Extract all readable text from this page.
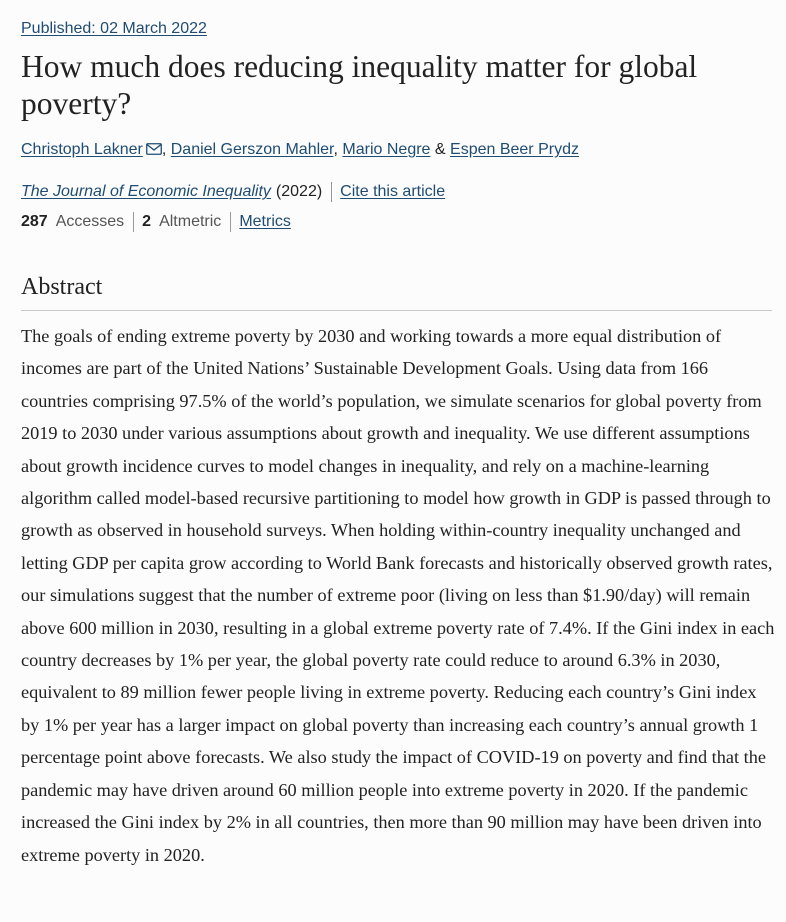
Published: 02 March 2022
How much does reducing inequality matter for global poverty?
Christoph Lakner , Daniel Gerszon Mahler, Mario Negre & Espen Beer Prydz
The Journal of Economic Inequality (2022) Cite this article
287 Accesses 2 Altmetric Metrics
Abstract

The goals of ending extreme poverty by 2030 and working towards a more equal distribution of incomes are part of the United Nations’ Sustainable Development Goals. Using data from 166 countries comprising 97.5% of the world’s population, we simulate scenarios for global poverty from 2019 to 2030 under various assumptions about growth and inequality. We use different assumptions about growth incidence curves to model changes in inequality, and rely on a machine-learning algorithm called model-based recursive partitioning to model how growth in GDP is passed through to growth as observed in household surveys. When holding within-country inequality unchanged and letting GDP per capita grow according to World Bank forecasts and historically observed growth rates, our simulations suggest that the number of extreme poor (living on less than $1.90/day) will remain above 600 million in 2030, resulting in a global extreme poverty rate of 7.4%. If the Gini index in each country decreases by 1% per year, the global poverty rate could reduce to around 6.3% in 2030, equivalent to 89 million fewer people living in extreme poverty. Reducing each country’s Gini index by 1% per year has a larger impact on global poverty than increasing each country’s annual growth 1 percentage point above forecasts. We also study the impact of COVID-19 on poverty and find that the pandemic may have driven around 60 million people into extreme poverty in 2020. If the pandemic increased the Gini index by 2% in all countries, then more than 90 million may have been driven into extreme poverty in 2020.
